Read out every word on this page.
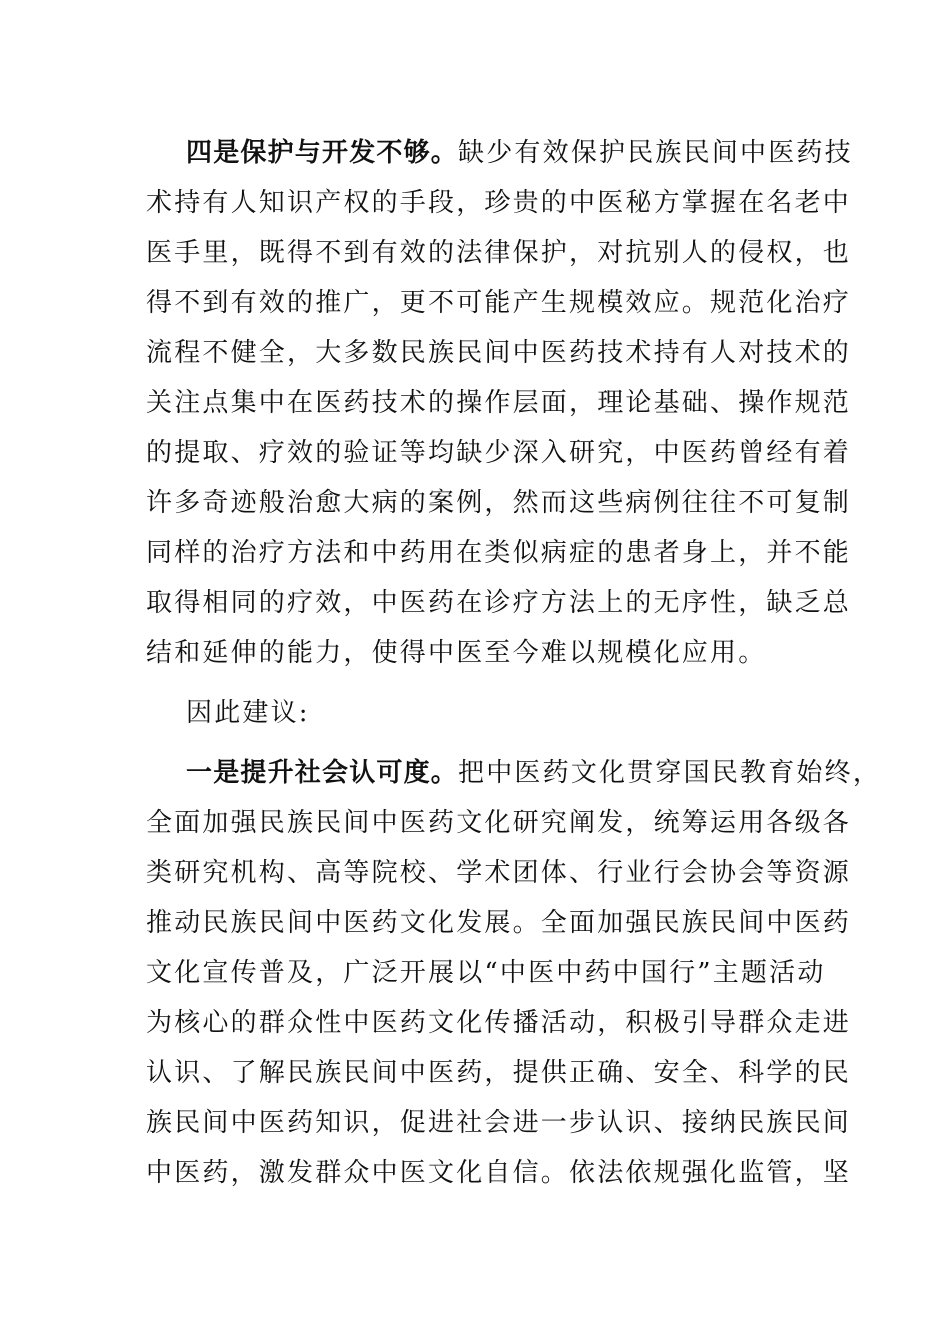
四是保护与开发不够。缺少有效保护民族民间中医药技
术持有人知识产权的手段，珍贵的中医秘方掌握在名老中
医手里，既得不到有效的法律保护，对抗别人的侵权，也
得不到有效的推广，更不可能产生规模效应。规范化治疗
流程不健全，大多数民族民间中医药技术持有人对技术的
关注点集中在医药技术的操作层面，理论基础、操作规范
的提取、疗效的验证等均缺少深入研究，中医药曾经有着
许多奇迹般治愈大病的案例，然而这些病例往往不可复制
同样的治疗方法和中药用在类似病症的患者身上，并不能
取得相同的疗效，中医药在诊疗方法上的无序性，缺乏总
结和延伸的能力，使得中医至今难以规模化应用。
因此建议:
一是提升社会认可度。把中医药文化贯穿国民教育始终，
全面加强民族民间中医药文化研究阐发，统筹运用各级各
类研究机构、高等院校、学术团体、行业行会协会等资源
推动民族民间中医药文化发展。全面加强民族民间中医药
文化宣传普及，广泛开展以“中医中药中国行”主题活动
为核心的群众性中医药文化传播活动，积极引导群众走进
认识、了解民族民间中医药，提供正确、安全、科学的民
族民间中医药知识，促进社会进一步认识、接纳民族民间
中医药，激发群众中医文化自信。依法依规强化监管，坚
